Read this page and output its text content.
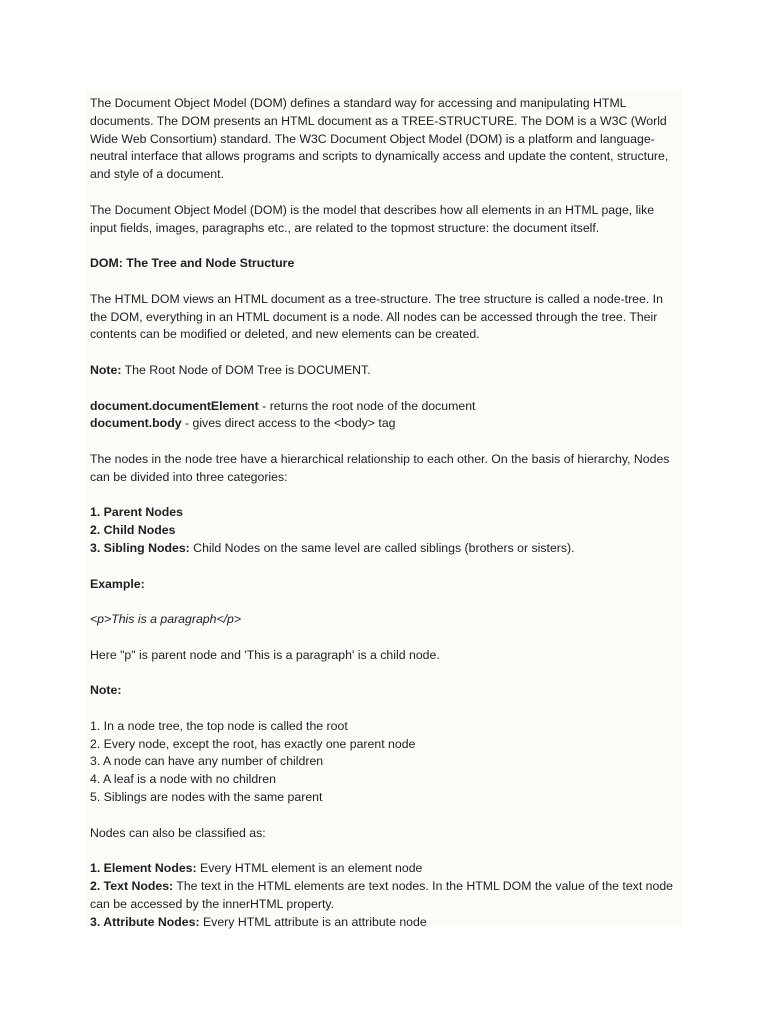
The Document Object Model (DOM) defines a standard way for accessing and manipulating HTML documents. The DOM presents an HTML document as a TREE-STRUCTURE. The DOM is a W3C (World Wide Web Consortium) standard. The W3C Document Object Model (DOM) is a platform and language-neutral interface that allows programs and scripts to dynamically access and update the content, structure, and style of a document.

The Document Object Model (DOM) is the model that describes how all elements in an HTML page, like input fields, images, paragraphs etc., are related to the topmost structure: the document itself.

DOM: The Tree and Node Structure

The HTML DOM views an HTML document as a tree-structure. The tree structure is called a node-tree. In the DOM, everything in an HTML document is a node. All nodes can be accessed through the tree. Their contents can be modified or deleted, and new elements can be created.

Note: The Root Node of DOM Tree is DOCUMENT.

document.documentElement - returns the root node of the document
document.body - gives direct access to the <body> tag

The nodes in the node tree have a hierarchical relationship to each other. On the basis of hierarchy, Nodes can be divided into three categories:

1. Parent Nodes
2. Child Nodes
3. Sibling Nodes: Child Nodes on the same level are called siblings (brothers or sisters).

Example:

<p>This is a paragraph</p>

Here "p" is parent node and 'This is a paragraph' is a child node.

Note:

1. In a node tree, the top node is called the root
2. Every node, except the root, has exactly one parent node
3. A node can have any number of children
4. A leaf is a node with no children
5. Siblings are nodes with the same parent

Nodes can also be classified as:

1. Element Nodes: Every HTML element is an element node
2. Text Nodes: The text in the HTML elements are text nodes. In the HTML DOM the value of the text node can be accessed by the innerHTML property.
3. Attribute Nodes: Every HTML attribute is an attribute node
